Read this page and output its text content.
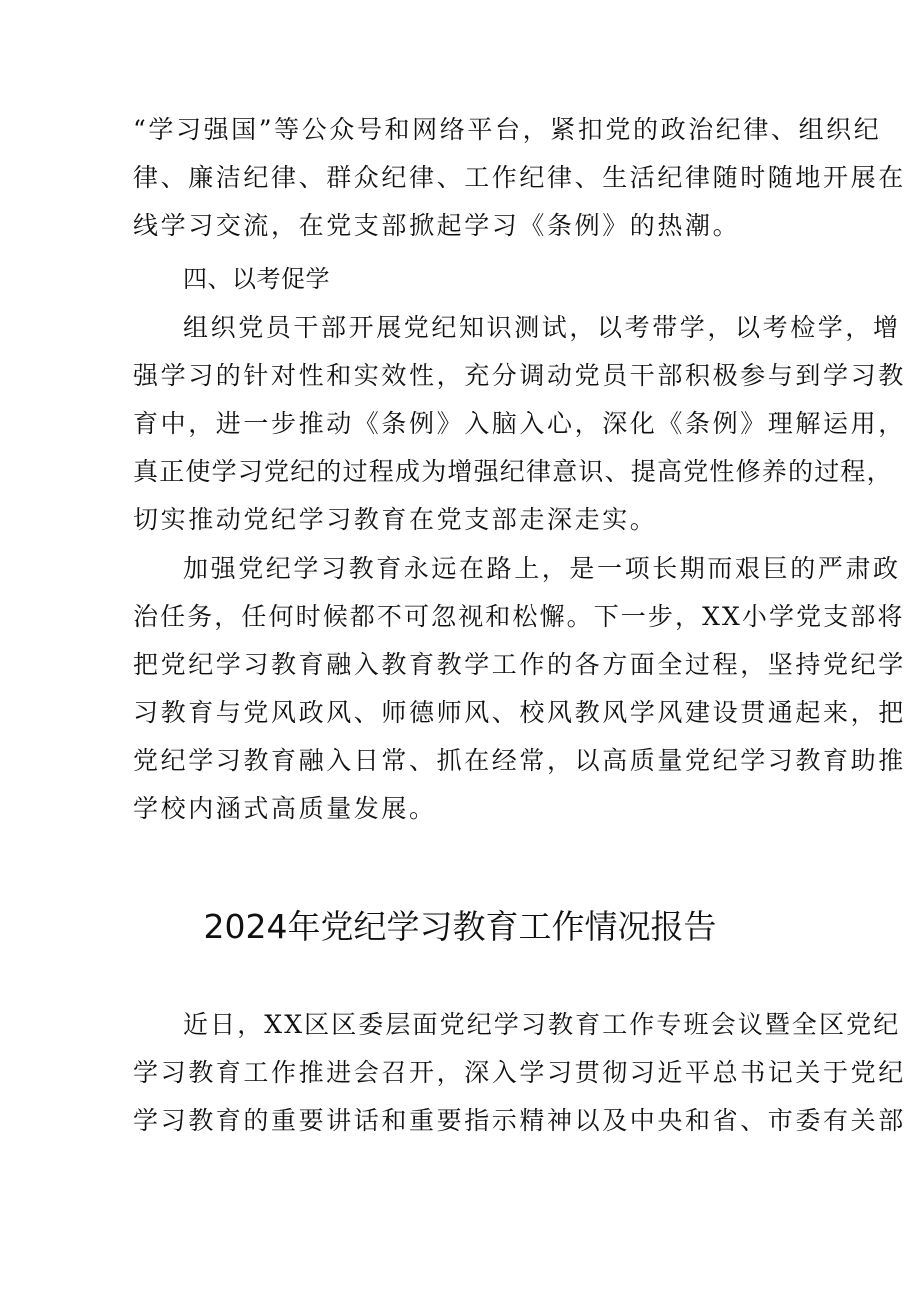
“学习强国”等公众号和网络平台，紧扣党的政治纪律、组织纪
律、廉洁纪律、群众纪律、工作纪律、生活纪律随时随地开展在
线学习交流，在党支部掀起学习《条例》的热潮。
四、以考促学
组织党员干部开展党纪知识测试，以考带学，以考检学，增
强学习的针对性和实效性，充分调动党员干部积极参与到学习教
育中，进一步推动《条例》入脑入心，深化《条例》理解运用，
真正使学习党纪的过程成为增强纪律意识、提高党性修养的过程，
切实推动党纪学习教育在党支部走深走实。
加强党纪学习教育永远在路上，是一项长期而艰巨的严肃政
治任务，任何时候都不可忽视和松懈。下一步，XX小学党支部将
把党纪学习教育融入教育教学工作的各方面全过程，坚持党纪学
习教育与党风政风、师德师风、校风教风学风建设贯通起来，把
党纪学习教育融入日常、抓在经常，以高质量党纪学习教育助推
学校内涵式高质量发展。
2024年党纪学习教育工作情况报告
近日，XX区区委层面党纪学习教育工作专班会议暨全区党纪
学习教育工作推进会召开，深入学习贯彻习近平总书记关于党纪
学习教育的重要讲话和重要指示精神以及中央和省、市委有关部
